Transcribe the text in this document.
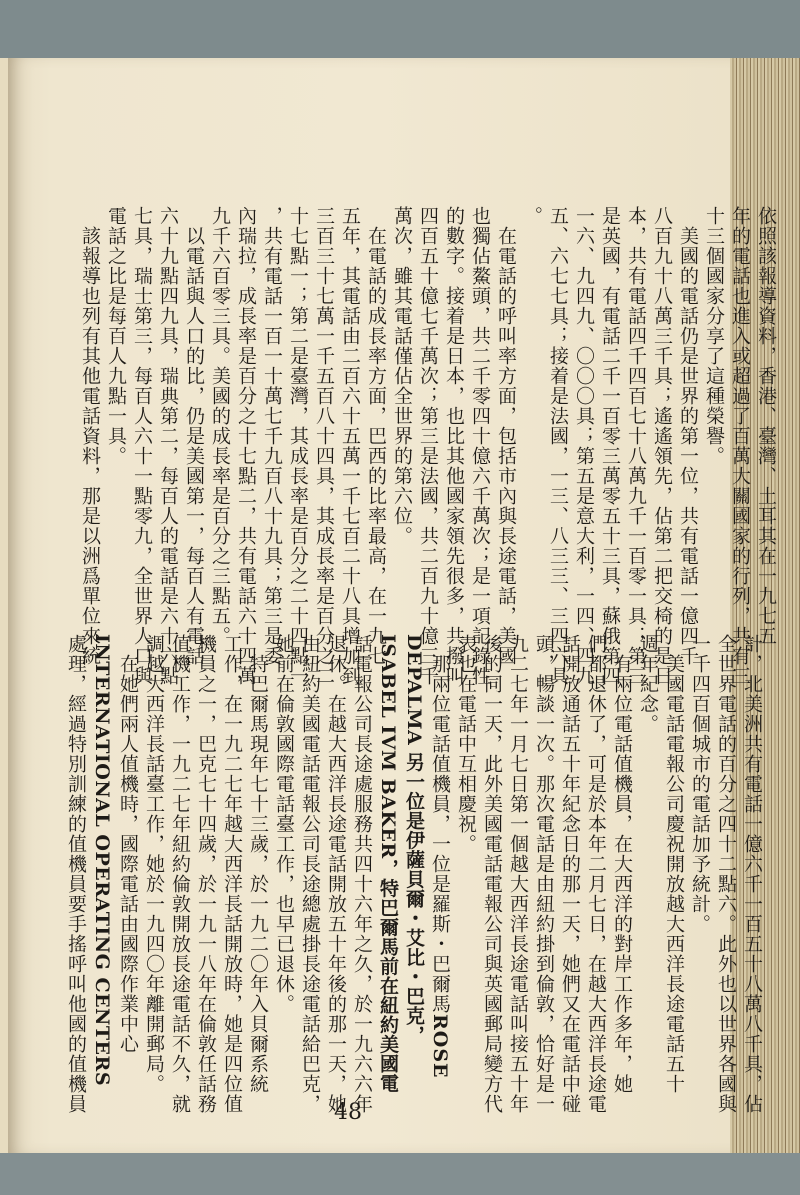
依照該報導資料，香港、臺灣、土耳其在一九七五
年的電話也進入或超過了百萬大關國家的行列，共有三
十三個國家分享了這種榮譽。
美國的電話仍是世界的第一位，共有電話一億四千
八百九十八萬三千具；遙遙領先，佔第二把交椅的是日
本，共有電話四千四百七十八萬九千一百零一具；第三
是英國，有電話二千一百零三萬零五十三具，蘇俄第四
一六、九四九、〇〇〇具；第五是意大利，一四、四九
五、六七七具；接着是法國，一三、八三三、三四六具
。
在電話的呼叫率方面，包括市內與長途電話，美國
也獨佔鰲頭，共二千零四十億六千萬次；是一項記錄性
的數字。接着是日本，也比其他國家領先很多，共撥叫
四百五十億七千萬次；第三是法國，共二百九十億三千
萬次，雖其電話僅佔全世界的第六位。
在電話的成長率方面，巴西的比率最高，在一九七
五年，其電話由二百六十五萬一千七百二十八具增加到
三百三十七萬一千五百八十四具，其成長率是百分之二
十七點一；第二是臺灣，其成長率是百分之二十四點一
，共有電話一百一十萬七千九百八十九具；第三是委
內瑞拉，成長率是百分之十七點二，共有電話六十四萬
九千六百零三具。美國的成長率是百分之三點五。
以電話與人口的比，仍是美國第一，每百人有電話
六十九點四九具，瑞典第二，每百人的電話是六十六點
七具，瑞士第三，每百人六十一點零九，全世界人口與
電話之比是每百人九點一具。
該報導也列有其他電話資料，那是以洲爲單位來統
計，北美洲共有電話一億六千一百五十八萬八千具，佔
全世界電話的百分之四十二點六。此外也以世界各國與
一千四百個城市的電話加予統計。
美國電話電報公司慶祝開放越大西洋長途電話五十
週年紀念。
有兩位電話值機員，在大西洋的對岸工作多年，她
們都退休了，可是於本年二月七日，在越大西洋長途電
話開放通話五十年紀念日的那一天，她們又在電話中碰
頭，暢談一次。那次電話是由紐約掛到倫敦，恰好是一
九二七年一月七日第一個越大西洋長途電話叫接五十年
後的同一天，此外美國電話電報公司與英國郵局變方代
表也在電話中互相慶祝。
那兩位電話值機員，一位是羅斯・巴爾馬ROSE
DEPALMA 另一位是伊薩貝爾・艾比・巴克，
ISABEL IVM BAKER，特巴爾馬前在紐約美國電
話電報公司長途處服務共四十六年之久，於一九六六年
退休。在越大西洋長途電話開放五十年後的那一天，她
由紐約美國電話電報公司長途總處掛長途電話給巴克，
她前在倫敦國際電話臺工作，也早已退休。
特巴爾馬現年七十三歲，於一九二〇年入貝爾系統
工作，在一九二七年越大西洋長話開放時，她是四位值
機員之一，巴克七十四歲，於一九一八年在倫敦任話務
值機工作，一九二七年紐約倫敦開放長途電話不久，就
調越大西洋長話臺工作，她於一九四〇年離開郵局。
在她們兩人值機時，國際電話由國際作業中心
INTERNATIONAL OPERATING CENTERS
處理，經過特別訓練的值機員要手搖呼叫他國的值機員	48
